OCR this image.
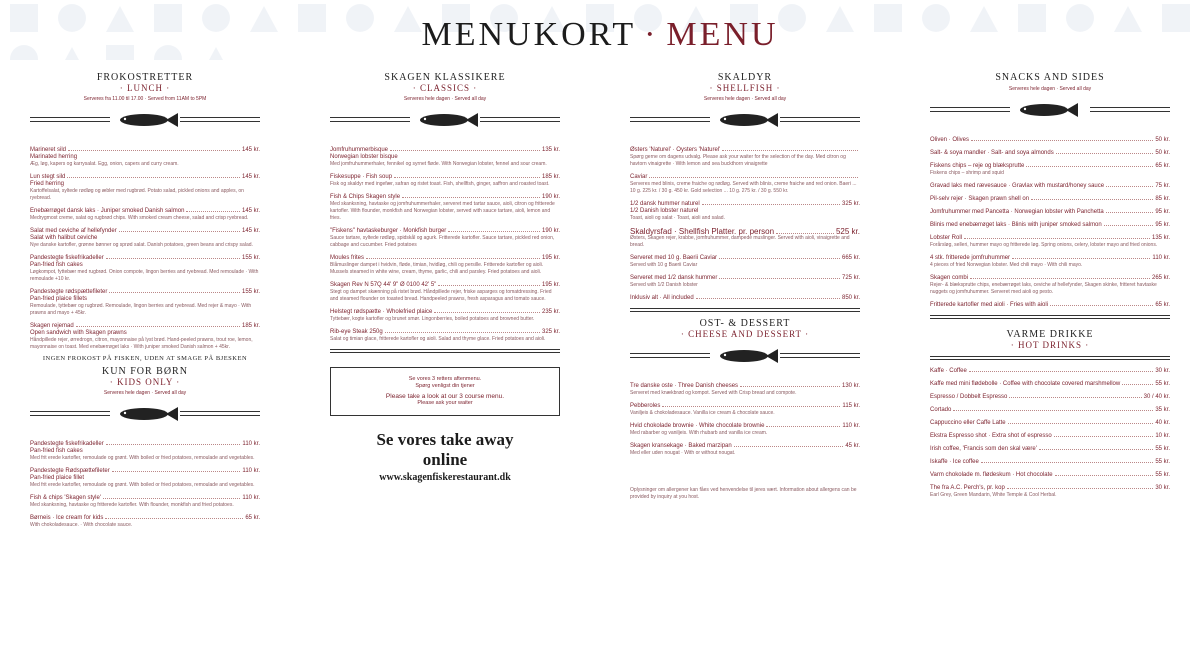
MENUKORT · MENU
FROKOSTRETTER
· LUNCH ·
Serveres fra 11.00 til 17.00 · Served from 11AM to 5PM
Marineret sild	145 kr.
Marinated herring
Æg, løg, kapers og karrysalat. Egg, onion, capers and curry cream.
Lun stegt sild	145 kr.
Fried herring
Kartoffelsalat, syltede rødløg og æbler med rugbrød. Potato salad, pickled onions and apples, on ryebread.
Enebærrøget dansk laks · Juniper smoked Danish salmon	145 kr.
Medrygmost creme, salat og rugbrød chips. With smoked cream cheese, salad and crisp ryebread.
Salat med ceviche af hellefynder	145 kr.
Salat with halibut ceviche
Nye danske kartofler, grønne bønner og sprød salat. Danish potatoes, green beans and crispy salad.
Pandestegte fiskefrikadeller	155 kr.
Pan-fried fish cakes
Løgkompot, fyttebær med rugbrød. Onion compote, lingon berries and ryebread. Med remoulade · With remoulade +10 kr.
Pandestegte rødspættefileter	155 kr.
Pan-fried plaice fillets
Remoulade, tyttebær og rugbrød. Remoulade, lingon berries and ryebread. Med rejer & mayo · With prawns and mayo + 45kr.
Skagen rejemad	185 kr.
Open sandwich with Skagen prawns
Håndpillede rejer, ørredrogn, citron, mayonnaise på lyst brød. Hand-peeled prawns, trout roe, lemon, mayonnaise on toast. Med enebærrøget laks · With juniper smoked Danish salmon + 45kr.
INGEN FROKOST PÅ FISKEN, UDEN AT SMAGE PÅ BJESKEN
KUN FOR BØRN
· KIDS ONLY ·
Serveres hele dagen · Served all day
Pandestegte fiskefrikadeller	110 kr.
Pan-fried fish cakes
Med frit erede kartofler, remoulade og grønt. With boiled or fried potatoes, remoulade and vegetables.
Pandestegte Rødspættefileter	110 kr.
Pan-fried plaice fillet
Med frit erede kartofler, remoulade og grønt. With boiled or fried potatoes, remoulade and vegetables.
Fish & chips 'Skagen style'	110 kr.
Med skanksning, havtaske og fritterede kartofler. With flounder, monkfish and fried potatoes.
Børneis · Ice cream for kids	65 kr.
With chokoladesauce. · With chocolate sauce.
SKAGEN KLASSIKERE
· CLASSICS ·
Serveres hele dagen · Served all day
Jomfruhummerbisque	135 kr.
Norwegian lobster bisque
Med jomfruhummerhaler, fennikel og syrnet fløde. With Norwegian lobster, fennel and sour cream.
Fiskesuppe · Fish soup	185 kr.
Fisk og skaldyr med ingefær, safran og ristet toast. Fish, shellfish, ginger, saffron and roasted toast.
Fish & Chips Skagen style	190 kr.
Med skanksning, havtaske og jomfruhummerhaler, serveret med tartar sauce, aioli, citron og fritterede kartofler. With flounder, monkfish and Norwegian lobster, served with sauce tartare, aioli, lemon and fries.
"Fiskens" havtaskeburger · Monkfish burger	190 kr.
Sauce tartare, syltede rødløg, spidskål og agurk. Fritterede kartofler. Sauce tartare, pickled red onion, cabbage and cucumber. Fried potatoes
Moules frites	195 kr.
Blåmuslinger dampet i hvidvin, fløde, timian, hvidløg, chili og persille. Fritterede kartofler og aioli. Mussels steamed in white wine, cream, thyme, garlic, chili and parsley. Fried potatoes and aioli.
Skagen Rev N 57Q 44' 9" Ø 0100 42' 5"	195 kr.
Stegt og dampet skænning på ristet brød. Håndpillede rejer, friske asparges og tomatdressing. Fried and steamed flounder on toasted bread. Handpeeled prawns, fresh asparagus and tomato sauce.
Helstegt rødspætte · Wholefried plaice	235 kr.
Tyttebær, kogte kartofler og brunet smør. Lingonberries, boiled potatoes and browned butter.
Rib-eye Steak 250g	325 kr.
Salat og timian glace, fritterede kartofler og aioli. Salad and thyme glace. Fried potatoes and aioli.
Se vores 3 retters aftenmenu.
Spørg venligst din tjener
Please take a look at our 3 course menu.
Please ask your waiter
Se vores take away
online
www.skagenfiskerestaurant.dk
SKALDYR
· SHELLFISH ·
Serveres hele dagen · Served all day
Østers 'Naturel' · Oysters 'Naturel'
Spørg gerne om dagens udvalg. Please ask your waiter for the selection of the day. Med citron og havtorn vinaigrette · With lemon and sea buckthorn vinaigrette
Caviar
Serveres med blinis, creme fraiche og rødløg. Served with blinis, creme fraiche and red onion. Baeri ... 10 g. 225 kr. / 30 g. 450 kr. Gold selection ... 10 g. 275 kr. / 30 g. 550 kr.
1/2 dansk hummer naturel	325 kr.
1/2 Danish lobster naturel
Toast, aioli og salat · Toast, aioli and salad.
Skaldyrsfad · Shellfish Platter. pr. person	525 kr.
Østers, Skagen rejer, krabbe, jomfruhummer, dampede muslinger. Served with aioli, vinaigrette and bread.
Serveret med 10 g. Baerii Caviar	665 kr.
Served with 10 g Baerii Caviar
Serveret med 1/2 dansk hummer	725 kr.
Served with 1/2 Danish lobster
Inklusiv alt · All included	850 kr.
OST- & DESSERT
· CHEESE AND DESSERT ·
Tre danske oste · Three Danish cheeses	130 kr.
Serveret med knækbrød og kompot. Served with Crisp bread and compote.
Pebberoles	115 kr.
Vaniljeis & chokoladesauce. Vanilla ice cream & chocolate sauce.
Hvid chokolade brownie · White chocolate brownie	110 kr.
Med rabarber og vaniljeis. With rhubarb and vanilla ice cream.
Skagen kransekage · Baked marzipan	45 kr.
Med eller uden nougat · With or without nougat.
Oplysninger om allergener kan fåes ved henvendelse til jeres vært. Information about allergens can be provided by inquiry at you host.
SNACKS AND SIDES
Serveres hele dagen · Served all day
Oliven · Olives	50 kr.
Salt- & soya mandler · Salt- and soya almonds	50 kr.
Fiskens chips – reje og blæksprutte	65 kr.
Fiskens chips – shrimp and squid
Gravad laks med rævesauce · Gravlax with mustard/honey sauce	75 kr.
Pil-selv rejer · Skagen prawn shell on	85 kr.
Jomfruhummer med Pancetta · Norwegian lobster with Panchetta	95 kr.
Blinis med enebærrøget laks · Blinis with juniper smoked salmon	95 kr.
Lobster Roll	135 kr.
Forårsløg, selleri, hummer mayo og fritterede løg. Spring onions, celery, lobster mayo and fried onions.
4 stk. fritterede jomfruhummer	110 kr.
4 pieces of fried Norwegian lobster. Med chili mayo · With chili mayo.
Skagen combi	265 kr.
Rejer- & blæksprutte chips, enebærrøget laks, ceviche af hellefynder, Skagen skinke, fritteret havtaske nuggets og jomfruhummer. Serveret med aioli og pesto.
Fritterede kartofler med aioli · Fries with aioli	65 kr.
VARME DRIKKE
· HOT DRINKS ·
Kaffe · Coffee	30 kr.
Kaffe med mini flødebolle · Coffee with chocolate covered marshmellow	55 kr.
Espresso / Dobbelt Espresso	30 / 40 kr.
Cortado	35 kr.
Cappuccino eller Caffe Latte	40 kr.
Ekstra Espresso shot · Extra shot of espresso	10 kr.
Irish coffee, 'Francis som den skal være'	55 kr.
Iskaffe · Ice coffee	55 kr.
Varm chokolade m. flødeskum · Hot chocolate	55 kr.
The fra A.C. Perch's, pr. kop	30 kr.
Earl Grey, Green Mandarin, White Temple & Cool Herbal.
